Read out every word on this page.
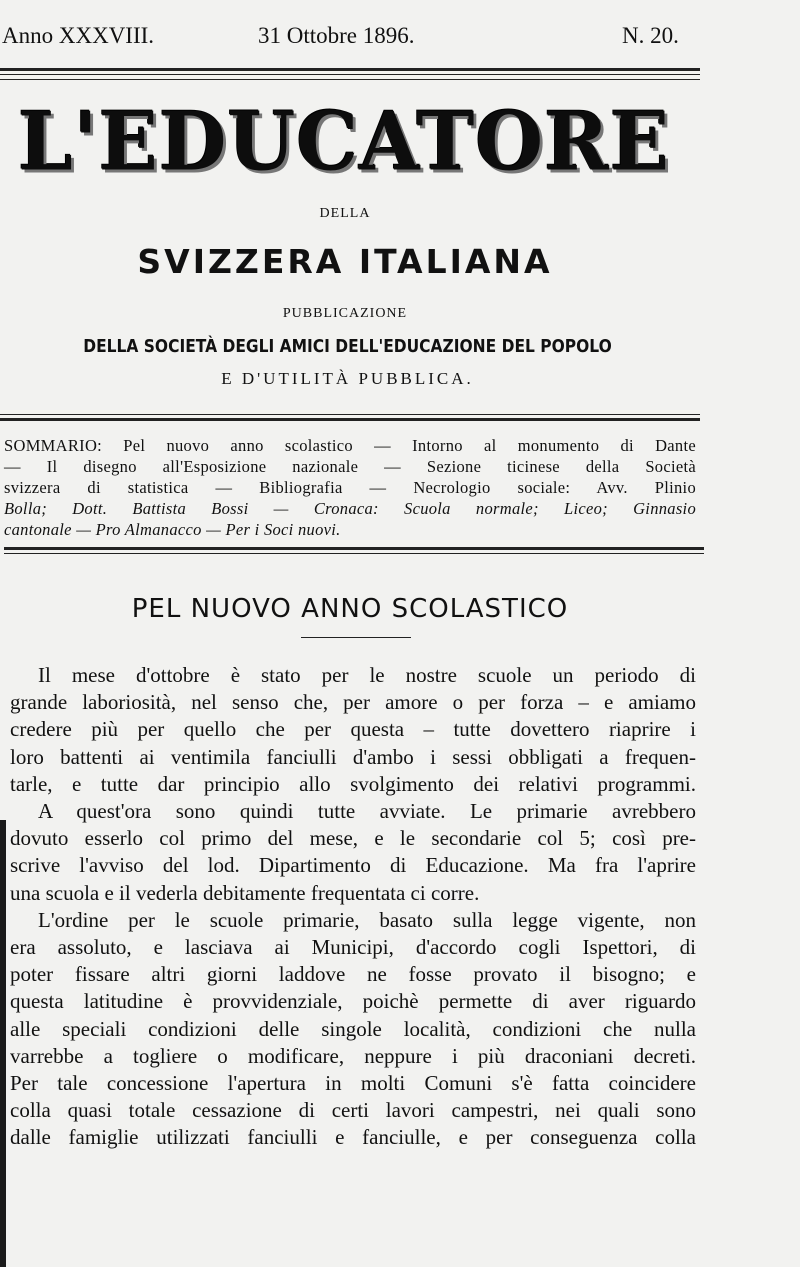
Anno XXXVIII.	31 Ottobre 1896.	N. 20.
L'EDUCATORE
DELLA
SVIZZERA ITALIANA
PUBBLICAZIONE
DELLA SOCIETÀ DEGLI AMICI DELL'EDUCAZIONE DEL POPOLO
E D'UTILITÀ PUBBLICA.
SOMMARIO: Pel nuovo anno scolastico — Intorno al monumento di Dante
— Il disegno all'Esposizione nazionale — Sezione ticinese della Società
svizzera di statistica — Bibliografia — Necrologio sociale: Avv. Plinio
Bolla; Dott. Battista Bossi — Cronaca: Scuola normale; Liceo; Ginnasio
cantonale — Pro Almanacco — Per i Soci nuovi.
PEL NUOVO ANNO SCOLASTICO
Il mese d'ottobre è stato per le nostre scuole un periodo di
grande laboriosità, nel senso che, per amore o per forza – e amiamo
credere più per quello che per questa – tutte dovettero riaprire i
loro battenti ai ventimila fanciulli d'ambo i sessi obbligati a frequen-
tarle, e tutte dar principio allo svolgimento dei relativi programmi.
A quest'ora sono quindi tutte avviate. Le primarie avrebbero
dovuto esserlo col primo del mese, e le secondarie col 5; così pre-
scrive l'avviso del lod. Dipartimento di Educazione. Ma fra l'aprire
una scuola e il vederla debitamente frequentata ci corre.
L'ordine per le scuole primarie, basato sulla legge vigente, non
era assoluto, e lasciava ai Municipi, d'accordo cogli Ispettori, di
poter fissare altri giorni laddove ne fosse provato il bisogno; e
questa latitudine è provvidenziale, poichè permette di aver riguardo
alle speciali condizioni delle singole località, condizioni che nulla
varrebbe a togliere o modificare, neppure i più draconiani decreti.
Per tale concessione l'apertura in molti Comuni s'è fatta coincidere
colla quasi totale cessazione di certi lavori campestri, nei quali sono
dalle famiglie utilizzati fanciulli e fanciulle, e per conseguenza colla
